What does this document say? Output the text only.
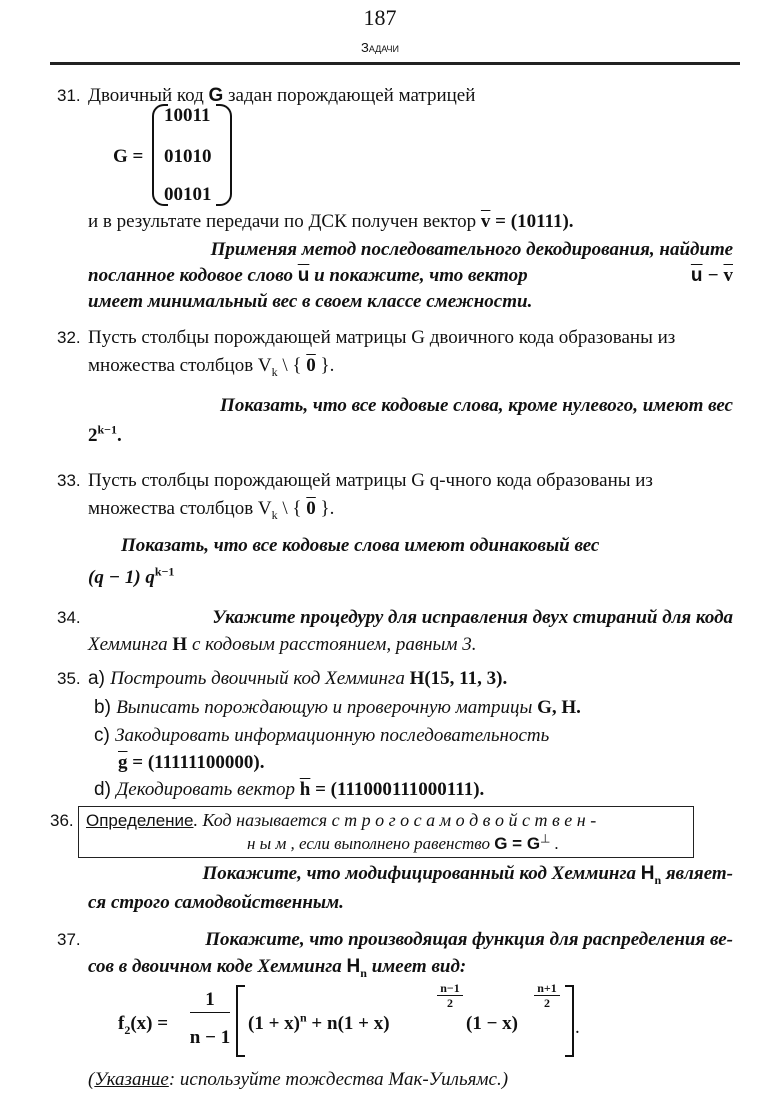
187
Задачи
31. Двоичный код G задан порождающей матрицей
G =
10011
01010
00101
и в результате передачи по ДСК получен вектор $\overline{v} = (10111)$.
Применяя метод последовательного декодирования, найдите
посланное кодовое слово $\overline{u}$ и покажите, что вектор	$\overline{u} - \overline{v}$
имеет минимальный вес в своем классе смежности.
32. Пусть столбцы порождающей матрицы G двоичного кода образованы из
множества столбцов $V_k$ \ { 0 }.
Показать, что все кодовые слова, кроме нулевого, имеют вес
$2^{k-1}$.
33. Пусть столбцы порождающей матрицы G q-чного кода образованы из
множества столбцов $V_k$ \ { 0 }.
Показать, что все кодовые слова имеют одинаковый вес
(q − 1) $q^{k-1}$
34.	Укажите процедуру для исправления двух стираний для кода
Хемминга H с кодовым расстоянием, равным 3.
35. a) Построить двоичный код Хемминга H(15, 11, 3).
b) Выписать порождающую и проверочную матрицы G, H.
c) Закодировать информационную последовательность
$\overline{g} = (11111100000)$.
d) Декодировать вектор $\overline{h} = (111000111000111)$.
36. Определение. Код называется с т р о г о с а м о д в о й с т в е н -
н ы м , если выполнено равенство G = G⊥ .
Покажите, что модифицированный код Хемминга $H_n$ являет-
ся строго самодвойственным.
37.	Покажите, что производящая функция для распределения ве-
сов в двоичном коде Хемминга $H_n$ имеет вид:
$f_2(x)$ =
1
n − 1
$(1 + x)^n + n(1 + x)$
n−1
2
(1 − x)
n+1
2
.
(Указание: используйте тождества Мак-Уильямс.)
